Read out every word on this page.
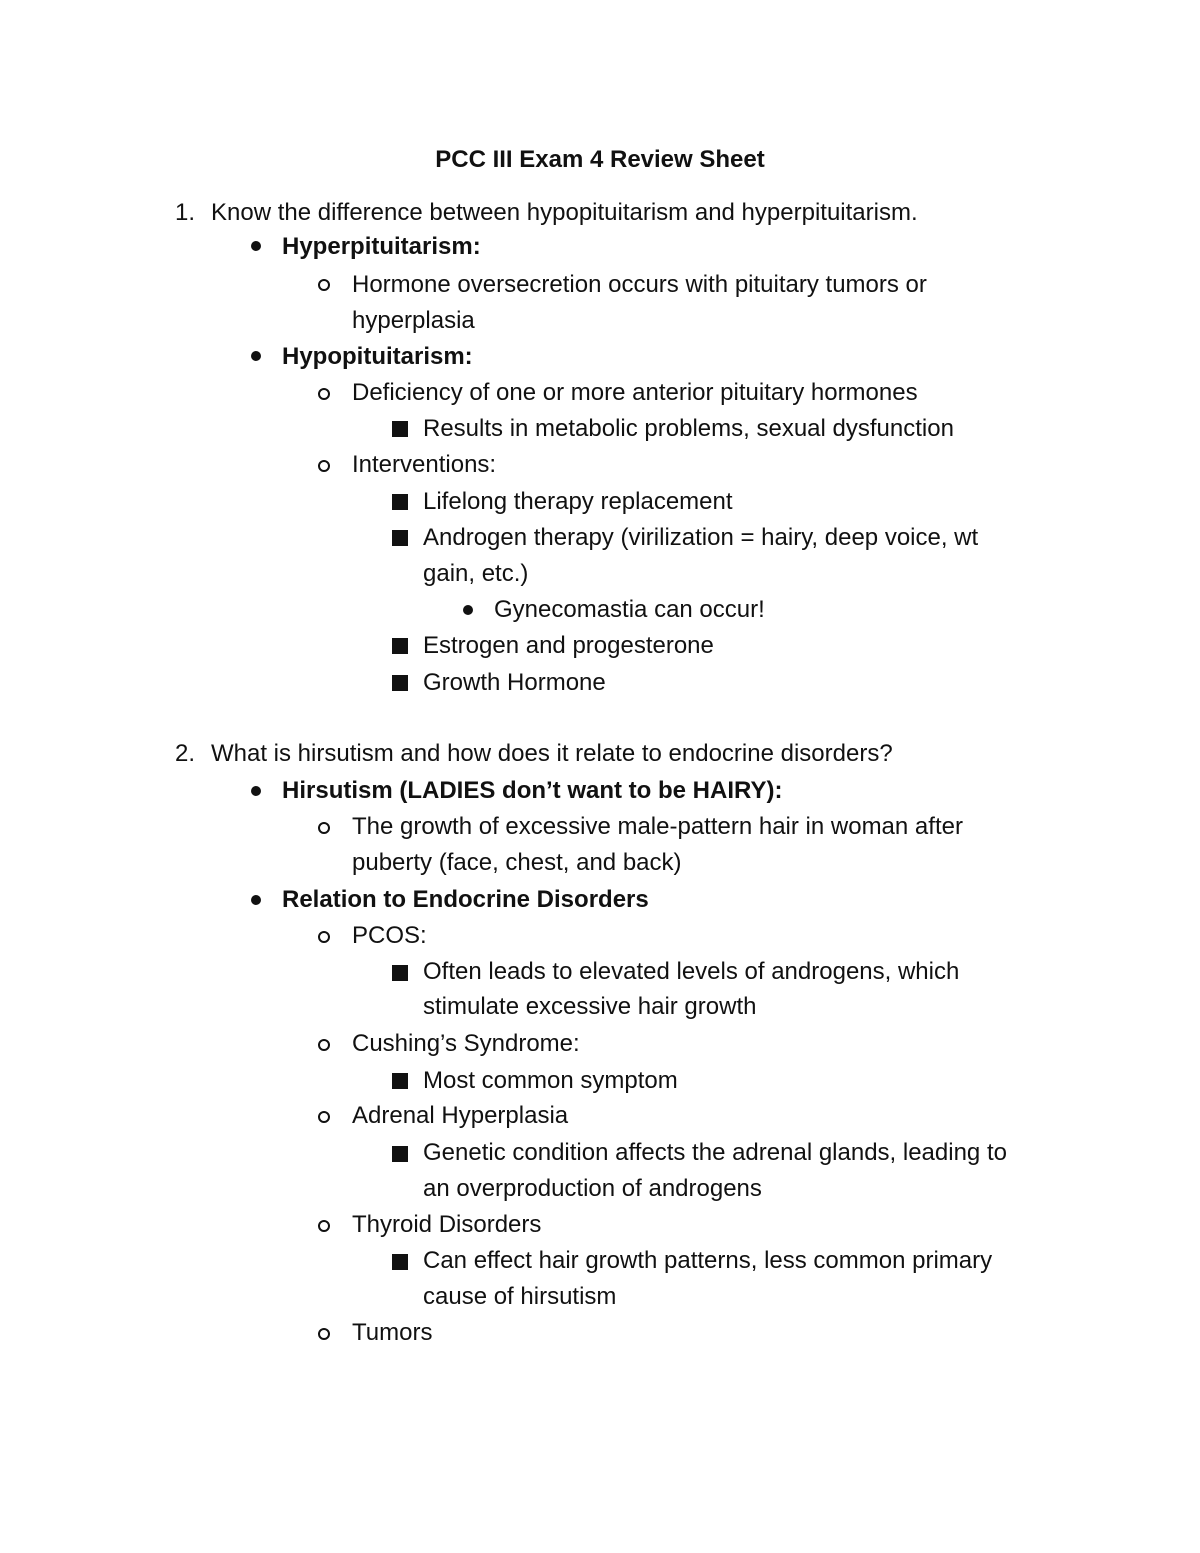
PCC III Exam 4 Review Sheet
1. Know the difference between hypopituitarism and hyperpituitarism.
Hyperpituitarism:
Hormone oversecretion occurs with pituitary tumors or
hyperplasia
Hypopituitarism:
Deficiency of one or more anterior pituitary hormones
Results in metabolic problems, sexual dysfunction
Interventions:
Lifelong therapy replacement
Androgen therapy (virilization = hairy, deep voice, wt
gain, etc.)
Gynecomastia can occur!
Estrogen and progesterone
Growth Hormone
2. What is hirsutism and how does it relate to endocrine disorders?
Hirsutism (LADIES don’t want to be HAIRY):
The growth of excessive male-pattern hair in woman after
puberty (face, chest, and back)
Relation to Endocrine Disorders
PCOS:
Often leads to elevated levels of androgens, which
stimulate excessive hair growth
Cushing’s Syndrome:
Most common symptom
Adrenal Hyperplasia
Genetic condition affects the adrenal glands, leading to
an overproduction of androgens
Thyroid Disorders
Can effect hair growth patterns, less common primary
cause of hirsutism
Tumors
